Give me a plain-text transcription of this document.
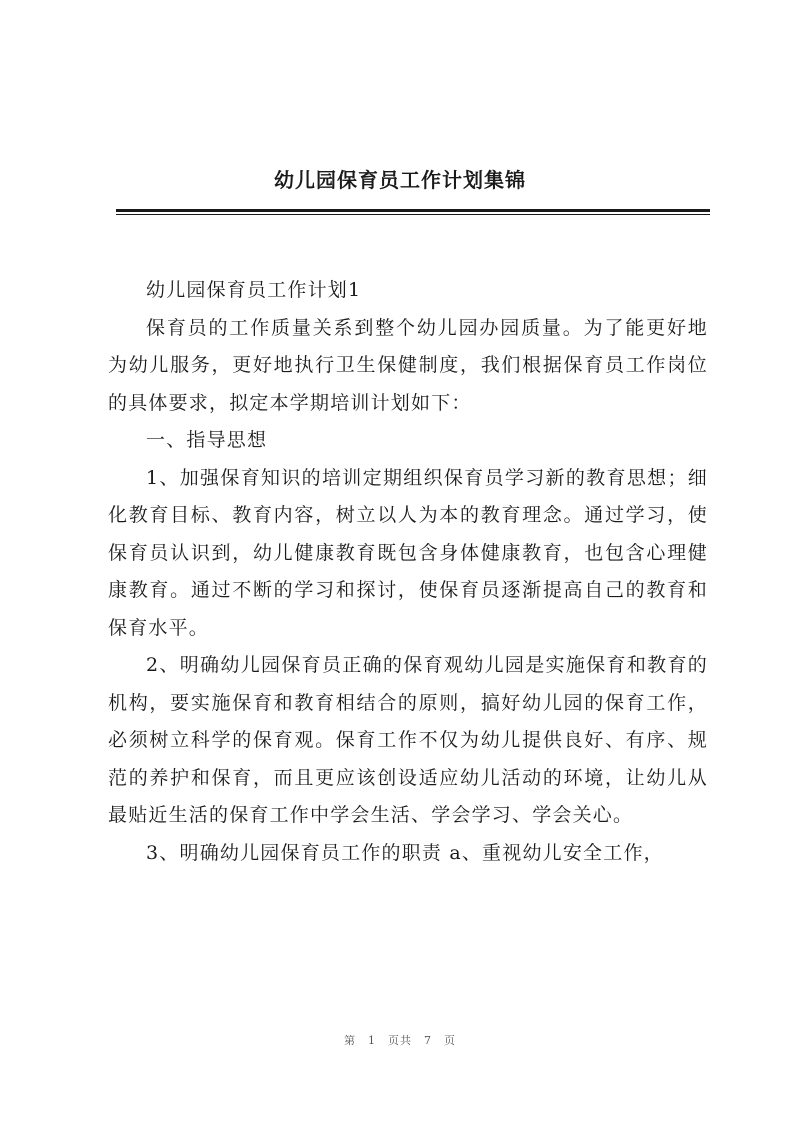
幼儿园保育员工作计划集锦

幼儿园保育员工作计划1

保育员的工作质量关系到整个幼儿园办园质量。为了能更好地为幼儿服务，更好地执行卫生保健制度，我们根据保育员工作岗位的具体要求，拟定本学期培训计划如下：

一、指导思想

1、加强保育知识的培训定期组织保育员学习新的教育思想；细化教育目标、教育内容，树立以人为本的教育理念。通过学习，使保育员认识到，幼儿健康教育既包含身体健康教育，也包含心理健康教育。通过不断的学习和探讨，使保育员逐渐提高自己的教育和保育水平。

2、明确幼儿园保育员正确的保育观幼儿园是实施保育和教育的机构，要实施保育和教育相结合的原则，搞好幼儿园的保育工作，必须树立科学的保育观。保育工作不仅为幼儿提供良好、有序、规范的养护和保育，而且更应该创设适应幼儿活动的环境，让幼儿从最贴近生活的保育工作中学会生活、学会学习、学会关心。

3、明确幼儿园保育员工作的职责 a、重视幼儿安全工作，

第 1 页共 7 页
